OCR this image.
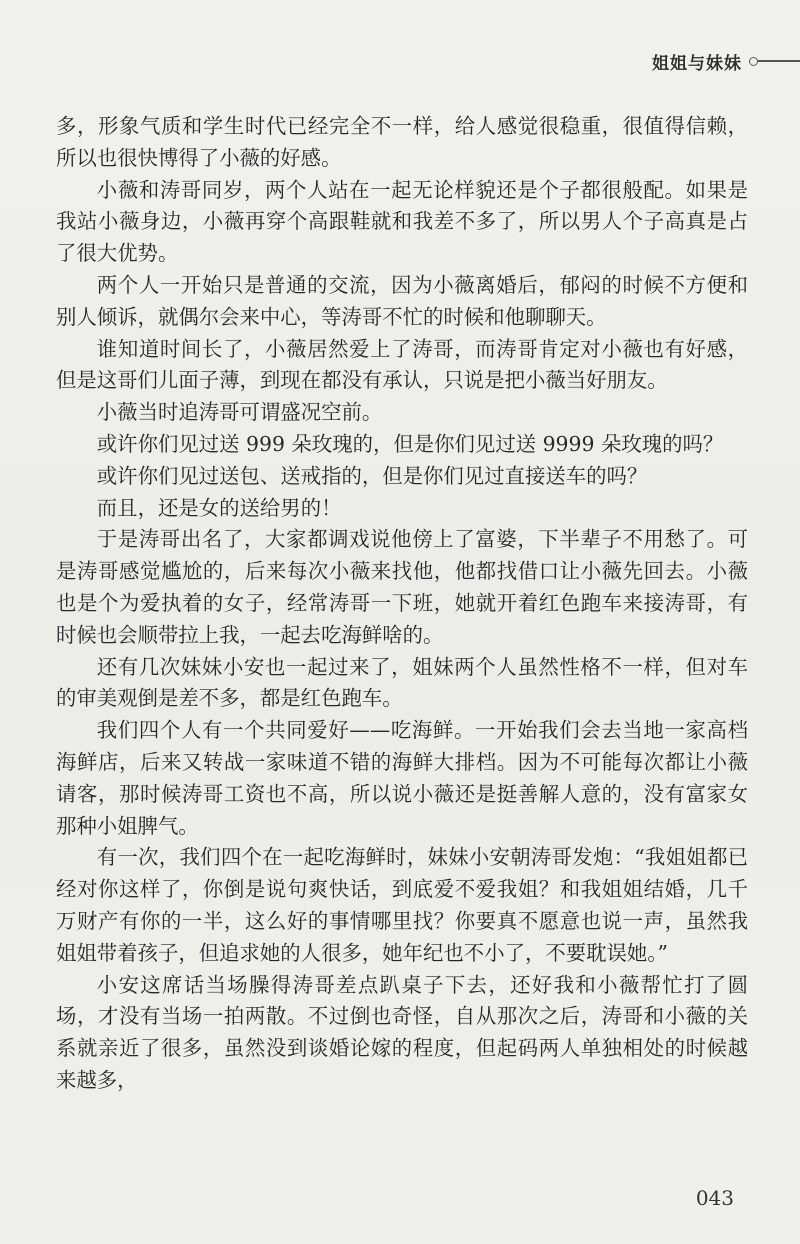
姐姐与妹妹

多，形象气质和学生时代已经完全不一样，给人感觉很稳重，很值得信赖，所以也很快博得了小薇的好感。

小薇和涛哥同岁，两个人站在一起无论样貌还是个子都很般配。如果是我站小薇身边，小薇再穿个高跟鞋就和我差不多了，所以男人个子高真是占了很大优势。

两个人一开始只是普通的交流，因为小薇离婚后，郁闷的时候不方便和别人倾诉，就偶尔会来中心，等涛哥不忙的时候和他聊聊天。

谁知道时间长了，小薇居然爱上了涛哥，而涛哥肯定对小薇也有好感，但是这哥们儿面子薄，到现在都没有承认，只说是把小薇当好朋友。

小薇当时追涛哥可谓盛况空前。

或许你们见过送 999 朵玫瑰的，但是你们见过送 9999 朵玫瑰的吗？

或许你们见过送包、送戒指的，但是你们见过直接送车的吗？

而且，还是女的送给男的！

于是涛哥出名了，大家都调戏说他傍上了富婆，下半辈子不用愁了。可是涛哥感觉尴尬的，后来每次小薇来找他，他都找借口让小薇先回去。小薇也是个为爱执着的女子，经常涛哥一下班，她就开着红色跑车来接涛哥，有时候也会顺带拉上我，一起去吃海鲜啥的。

还有几次妹妹小安也一起过来了，姐妹两个人虽然性格不一样，但对车的审美观倒是差不多，都是红色跑车。

我们四个人有一个共同爱好——吃海鲜。一开始我们会去当地一家高档海鲜店，后来又转战一家味道不错的海鲜大排档。因为不可能每次都让小薇请客，那时候涛哥工资也不高，所以说小薇还是挺善解人意的，没有富家女那种小姐脾气。

有一次，我们四个在一起吃海鲜时，妹妹小安朝涛哥发炮：“我姐姐都已经对你这样了，你倒是说句爽快话，到底爱不爱我姐？和我姐姐结婚，几千万财产有你的一半，这么好的事情哪里找？你要真不愿意也说一声，虽然我姐姐带着孩子，但追求她的人很多，她年纪也不小了，不要耽误她。”

小安这席话当场臊得涛哥差点趴桌子下去，还好我和小薇帮忙打了圆场，才没有当场一拍两散。不过倒也奇怪，自从那次之后，涛哥和小薇的关系就亲近了很多，虽然没到谈婚论嫁的程度，但起码两人单独相处的时候越来越多，

043
